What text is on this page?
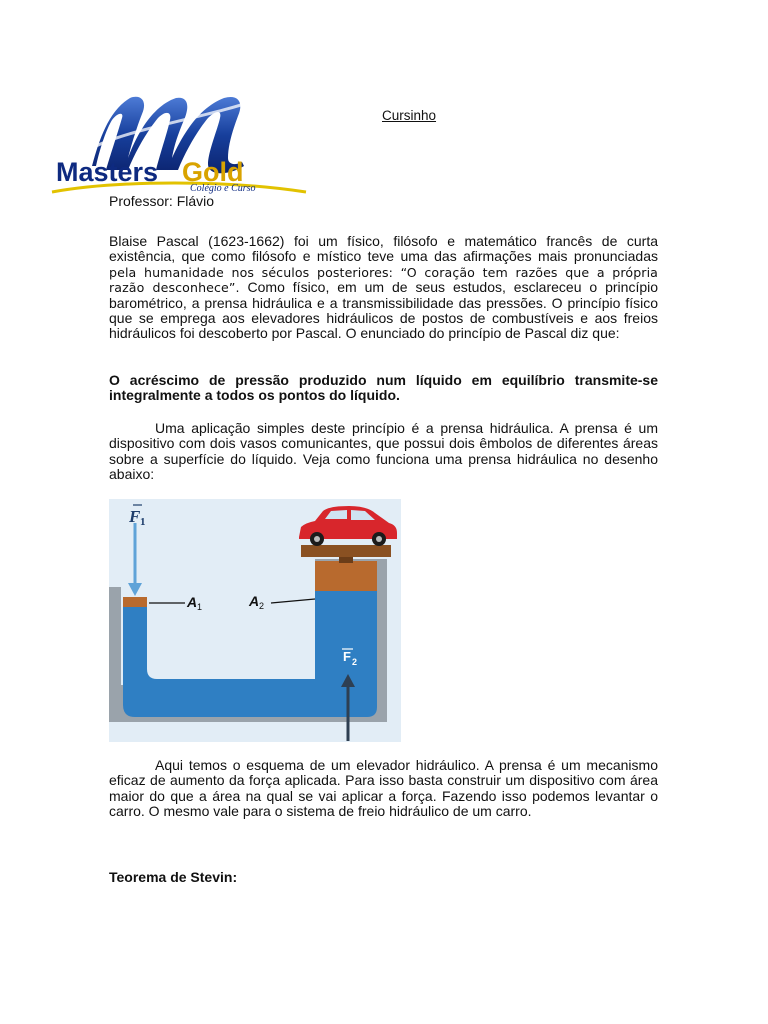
Masters Gold
Colégio e Curso
Cursinho
Professor: Flávio

Blaise Pascal (1623-1662) foi um físico, filósofo e matemático francês de curta existência, que como filósofo e místico teve uma das afirmações mais pronunciadas pela humanidade nos séculos posteriores: “O coração tem razões que a própria razão desconhece”. Como físico, em um de seus estudos, esclareceu o princípio barométrico, a prensa hidráulica e a transmissibilidade das pressões. O princípio físico que se emprega aos elevadores hidráulicos de postos de combustíveis e aos freios hidráulicos foi descoberto por Pascal. O enunciado do princípio de Pascal diz que:

O acréscimo de pressão produzido num líquido em equilíbrio transmite-se integralmente a todos os pontos do líquido.

Uma aplicação simples deste princípio é a prensa hidráulica. A prensa é um dispositivo com dois vasos comunicantes, que possui dois êmbolos de diferentes áreas sobre a superfície do líquido. Veja como funciona uma prensa hidráulica no desenho abaixo:

F 1
F 2
A 1	A 2

Aqui temos o esquema de um elevador hidráulico. A prensa é um mecanismo eficaz de aumento da força aplicada. Para isso basta construir um dispositivo com área maior do que a área na qual se vai aplicar a força. Fazendo isso podemos levantar o carro. O mesmo vale para o sistema de freio hidráulico de um carro.

Teorema de Stevin:
